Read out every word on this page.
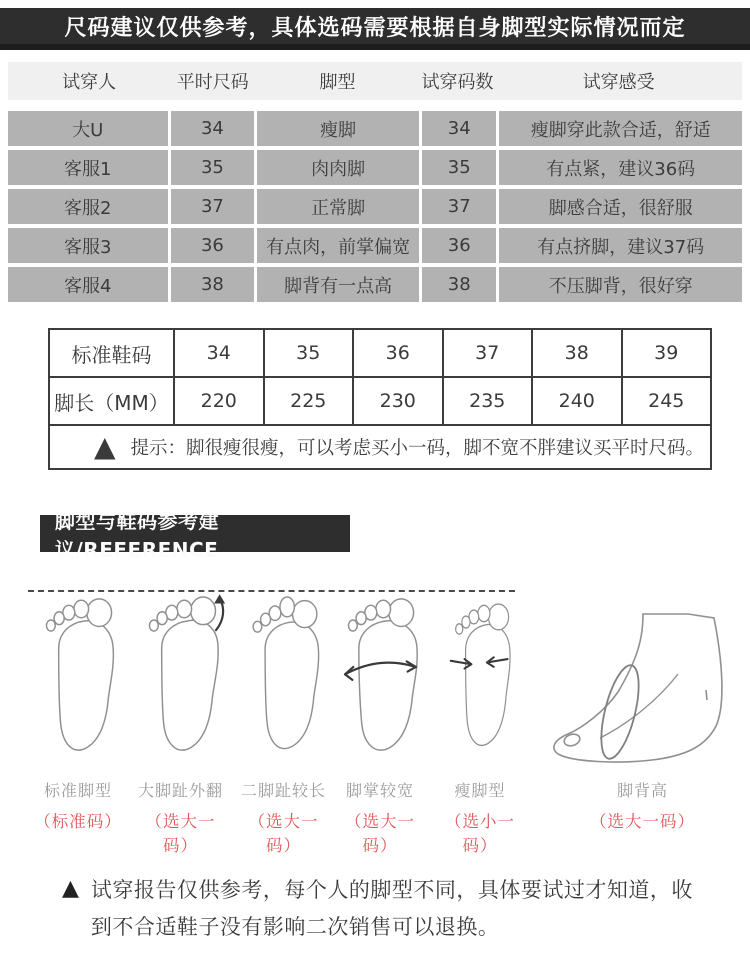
尺码建议仅供参考，具体选码需要根据自身脚型实际情况而定
试穿人	平时尺码	脚型	试穿码数	试穿感受
大U	34	瘦脚	34	瘦脚穿此款合适，舒适
客服1	35	肉肉脚	35	有点紧，建议36码
客服2	37	正常脚	37	脚感合适，很舒服
客服3	36	有点肉，前掌偏宽	36	有点挤脚，建议37码
客服4	38	脚背有一点高	38	不压脚背，很好穿
标准鞋码	34	35	36	37	38	39
脚长（MM）	220	225	230	235	240	245
▲ 提示：脚很瘦很瘦，可以考虑买小一码，脚不宽不胖建议买平时尺码。
脚型与鞋码参考建议/REFERENCE
标准脚型
（标准码）
大脚趾外翻
（选大一码）
二脚趾较长
（选大一码）
脚掌较宽
（选大一码）
瘦脚型
（选小一码）
脚背高
（选大一码）
▲ 试穿报告仅供参考，每个人的脚型不同，具体要试过才知道，收到不合适鞋子没有影响二次销售可以退换。
